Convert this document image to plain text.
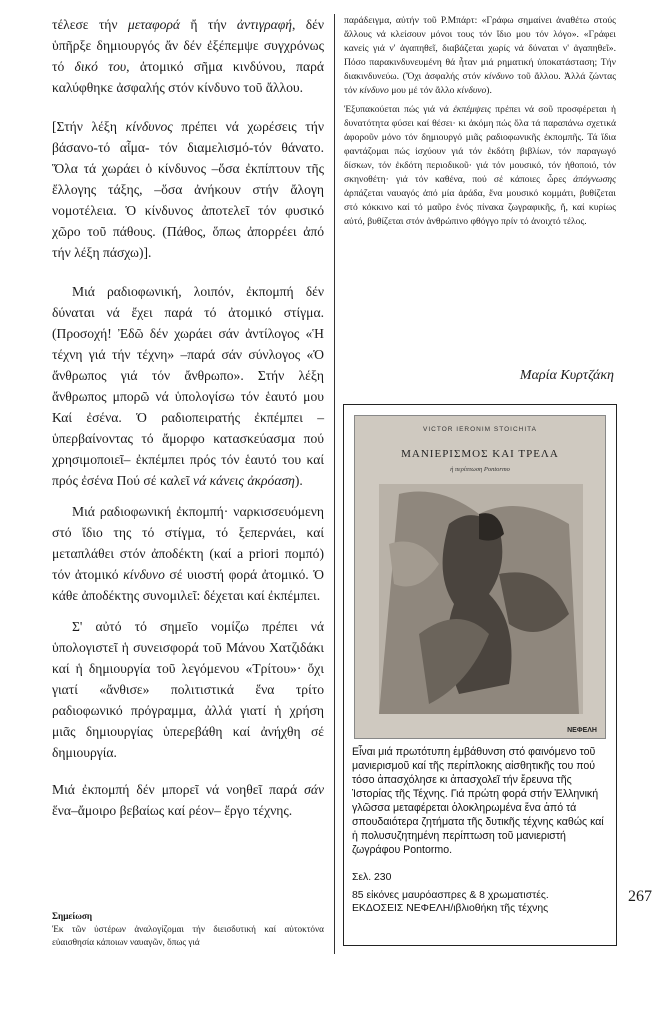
τέλεσε τήν μεταφορά ἤ τήν ἀντιγραφή, δέν ὑπῆρξε δημιουργός ἄν δέν ἐξέπεμψε συγχρόνως τό δικό του, ἀτομικό σῆμα κινδύνου, παρά καλύφθηκε ἀσφαλής στόν κίνδυνο τοῦ ἄλλου.

[Στήν λέξη κίνδυνος πρέπει νά χωρέσεις τήν βάσανο-τό αἷμα- τόν διαμελισμό-τόν θάνατο. Ὅλα τά χωράει ὁ κίνδυνος –ὅσα ἐκπίπτουν τῆς ἔλλογης τάξης, –ὅσα ἀνήκουν στήν ἄλογη νομοτέλεια. Ὁ κίνδυνος ἀποτελεῖ τόν φυσικό χῶρο τοῦ πάθους. (Πάθος, ὅπως ἀπορρέει ἀπό τήν λέξη πάσχω)].

Μιά ραδιοφωνική, λοιπόν, ἐκπομπή δέν δύναται νά ἔχει παρά τό ἀτομικό στίγμα. (Προσοχή! Ἐδῶ δέν χωράει σάν ἀντίλογος «Ἡ τέχνη γιά τήν τέχνη» –παρά σάν σύνλογος «Ὁ ἄνθρωπος γιά τόν ἄνθρωπο». Στήν λέξη ἄνθρωπος μπορῶ νά ὑπολογίσω τόν ἑαυτό μου Καί ἐσένα. Ὁ ραδιοπειρατής ἐκπέμπει –ὑπερβαίνοντας τό ἄμορφο κατασκεύασμα πού χρησιμοποιεῖ– ἐκπέμπει πρός τόν ἑαυτό του καί πρός ἐσένα Πού σέ καλεῖ νά κάνεις ἀκρόαση).

Μιά ραδιοφωνική ἐκπομπή· ναρκισσευόμενη στό ἴδιο της τό στίγμα, τό ξεπερνάει, καί μεταπλάθει στόν ἀποδέκτη (καί a priori πομπό) τόν ἀτομικό κίνδυνο σέ υιοστή φορά ἀτομικό. Ὁ κάθε ἀποδέκτης συνομιλεῖ: δέχεται καί ἐκπέμπει.

Σ' αὐτό τό σημεῖο νομίζω πρέπει νά ὑπολογιστεῖ ἡ συνεισφορά τοῦ Μάνου Χατζιδάκι καί ἡ δημιουργία τοῦ λεγόμενου «Τρίτου»· ὄχι γιατί «ἄνθισε» πολιτιστικά ἕνα τρίτο ραδιοφωνικό πρόγραμμα, ἀλλά γιατί ἡ χρήση μιᾶς δημιουργίας ὑπερεβάθη καί ἀνήχθη σέ δημιουργία.

Μιά ἐκπομπή δέν μπορεῖ νά νοηθεῖ παρά σάν ἕνα–ἄμοιρο βεβαίως καί ρέον– ἔργο τέχνης.

Σημείωση
Ἐκ τῶν ὑστέρων ἀναλογίζομαι τήν διεισδυτική καί αὐτοκτόνα εὐαισθησία κάποιων ναυαγῶν, ὅπως γιά

παράδειγμα, αὐτήν τοῦ Ρ.Μπάρτ: «Γράφω σημαίνει ἀναθέτω στούς ἄλλους νά κλείσουν μόνοι τους τόν ἴδιο μου τόν λόγο». «Γράφει κανείς γιά ν' ἀγαπηθεῖ, διαβάζεται χωρίς νά δύναται ν' ἀγαπηθεῖ». Πόσο παρακινδυνευμένη θά ἦταν μιά ρηματική ὑποκατάσταση; Τήν διακινδυνεύω. (Ὄχι ἀσφαλής στόν κίνδυνο τοῦ ἄλλου. Ἀλλά ζώντας τόν κίνδυνο μου μέ τόν ἄλλο κίνδυνο).

Ἐξυπακούεται πώς γιά νά ἐκπέμψεις πρέπει νά σοῦ προσφέρεται ἡ δυνατότητα φύσει καί θέσει· κι ἀκόμη πώς ὅλα τά παραπάνω σχετικά ἀφοροῦν μόνο τόν δημιουργό μιᾶς ραδιοφωνικῆς ἐκπομπῆς. Τά ἴδια φαντάζομαι πώς ἰσχύουν γιά τόν ἐκδότη βιβλίων, τόν παραγωγό δίσκων, τόν ἐκδότη περιοδικοῦ· γιά τόν μουσικό, τόν ἠθοποιό, τόν σκηνοθέτη· γιά τόν καθένα, πού σέ κάποιες ὧρες ἀπόγνωσης ἁρπάζεται ναυαγός ἀπό μία ἀράδα, ἕνα μουσικό κομμάτι, βυθίζεται στό κόκκινο καί τό μαῦρο ἑνός πίνακα ζωγραφικῆς, ἤ, καί κυρίως αὐτό, βυθίζεται στόν ἀνθρώπινο φθόγγο πρίν τό ἀνοιχτό τέλος.

Μαρία Κυρτζάκη
VICTOR IERONIM STOICHITA
ΜΑΝΙΕΡΙΣΜΟΣ ΚΑΙ ΤΡΕΛΑ
ἡ περίπτωση Pontormo
ΝΕΦΕΛΗ

Εἶναι μιά πρωτότυπη ἐμβάθυνση στό φαινόμενο τοῦ μανιερισμοῦ καί τῆς περίπλοκης αἰσθητικῆς του πού τόσο ἀπασχόλησε κι ἀπασχολεῖ τήν ἔρευνα τῆς Ἱστορίας τῆς Τέχνης. Γιά πρώτη φορά στήν Ἑλληνική γλῶσσα μεταφέρεται ὁλοκληρωμένα ἕνα ἀπό τά σπουδαιότερα ζητήματα τῆς δυτικῆς τέχνης καθώς καί ἡ πολυσυζητημένη περίπτωση τοῦ μανιεριστή ζωγράφου Pontormo.

Σελ. 230

85 εἰκόνες μαυρόασπρες & 8 χρωματιστές.

ΕΚΔΟΣΕΙΣ ΝΕΦΕΛΗ/ιβλιοθήκη τῆς τέχνης

267
